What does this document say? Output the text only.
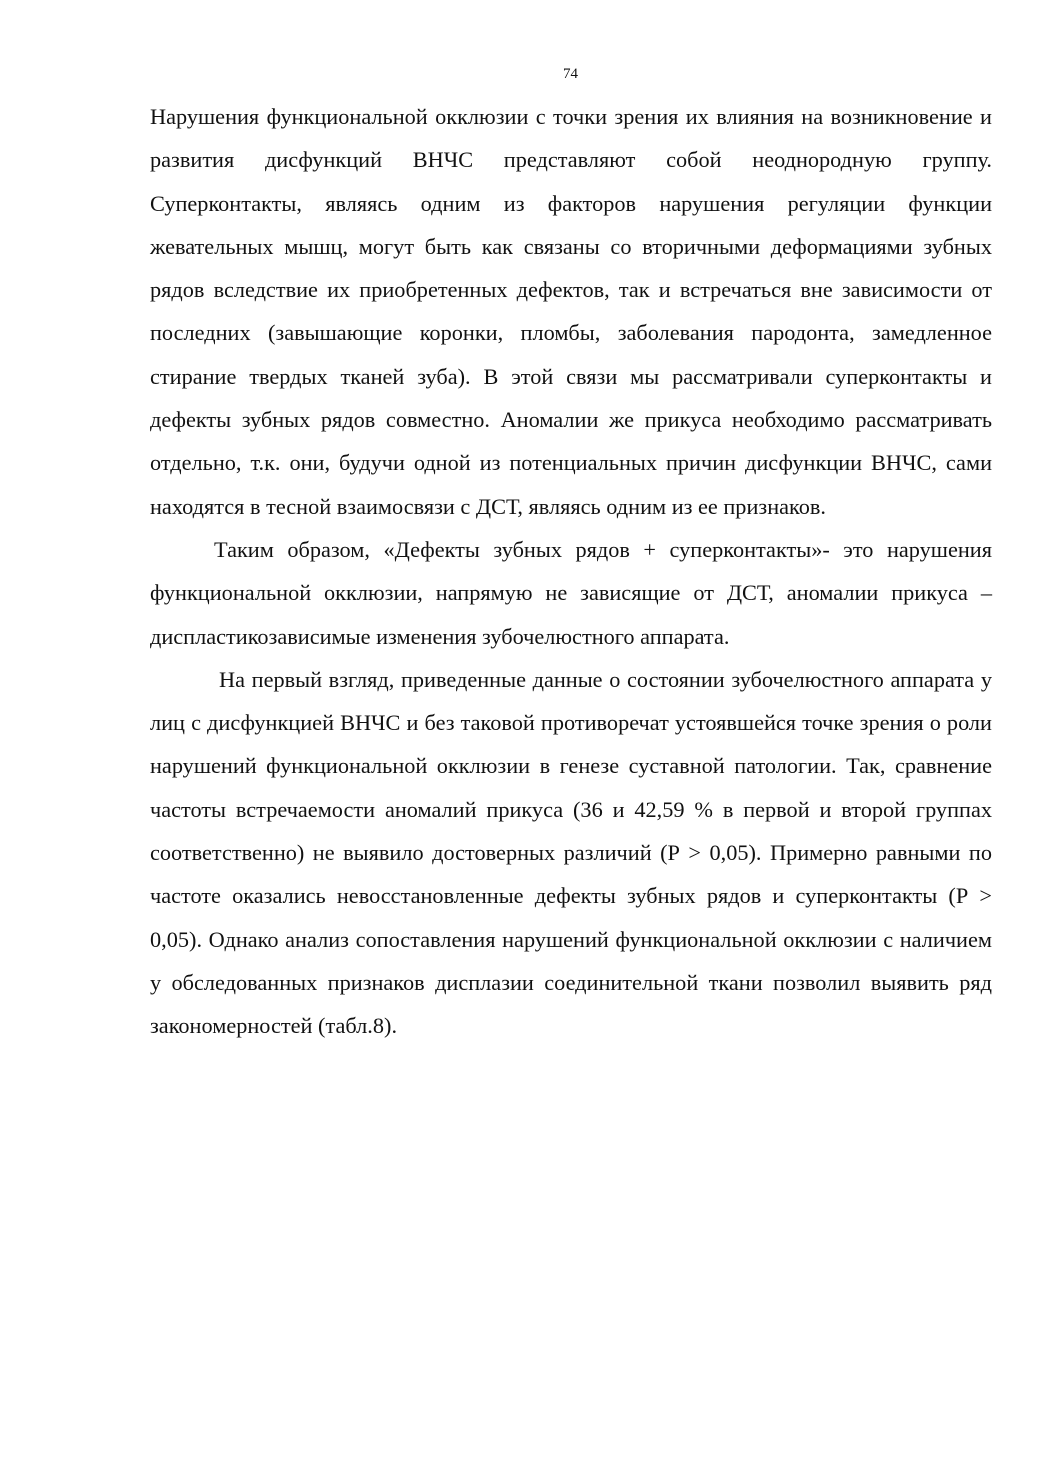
74

Нарушения функциональной окклюзии с точки зрения их влияния на возникновение и развития дисфункций ВНЧС представляют собой неоднородную группу. Суперконтакты, являясь одним из факторов нарушения регуляции функции жевательных мышц, могут быть как связаны со вторичными деформациями зубных рядов вследствие их приобретенных дефектов, так и встречаться вне зависимости от последних (завышающие коронки, пломбы, заболевания пародонта, замедленное стирание твердых тканей зуба). В этой связи мы рассматривали суперконтакты и дефекты зубных рядов совместно. Аномалии же прикуса необходимо рассматривать отдельно, т.к. они, будучи одной из потенциальных причин дисфункции ВНЧС, сами находятся в тесной взаимосвязи с ДСТ, являясь одним из ее признаков.

Таким образом, «Дефекты зубных рядов + суперконтакты»- это нарушения функциональной окклюзии, напрямую не зависящие от ДСТ, аномалии прикуса – диспластикозависимые изменения зубочелюстного аппарата.

На первый взгляд, приведенные данные о состоянии зубочелюстного аппарата у лиц с дисфункцией ВНЧС и без таковой противоречат устоявшейся точке зрения о роли нарушений функциональной окклюзии в генезе суставной патологии. Так, сравнение частоты встречаемости аномалий прикуса (36 и 42,59 % в первой и второй группах соответственно) не выявило достоверных различий (Р > 0,05). Примерно равными по частоте оказались невосстановленные дефекты зубных рядов и суперконтакты (Р > 0,05). Однако анализ сопоставления нарушений функциональной окклюзии с наличием у обследованных признаков дисплазии соединительной ткани позволил выявить ряд закономерностей (табл.8).
